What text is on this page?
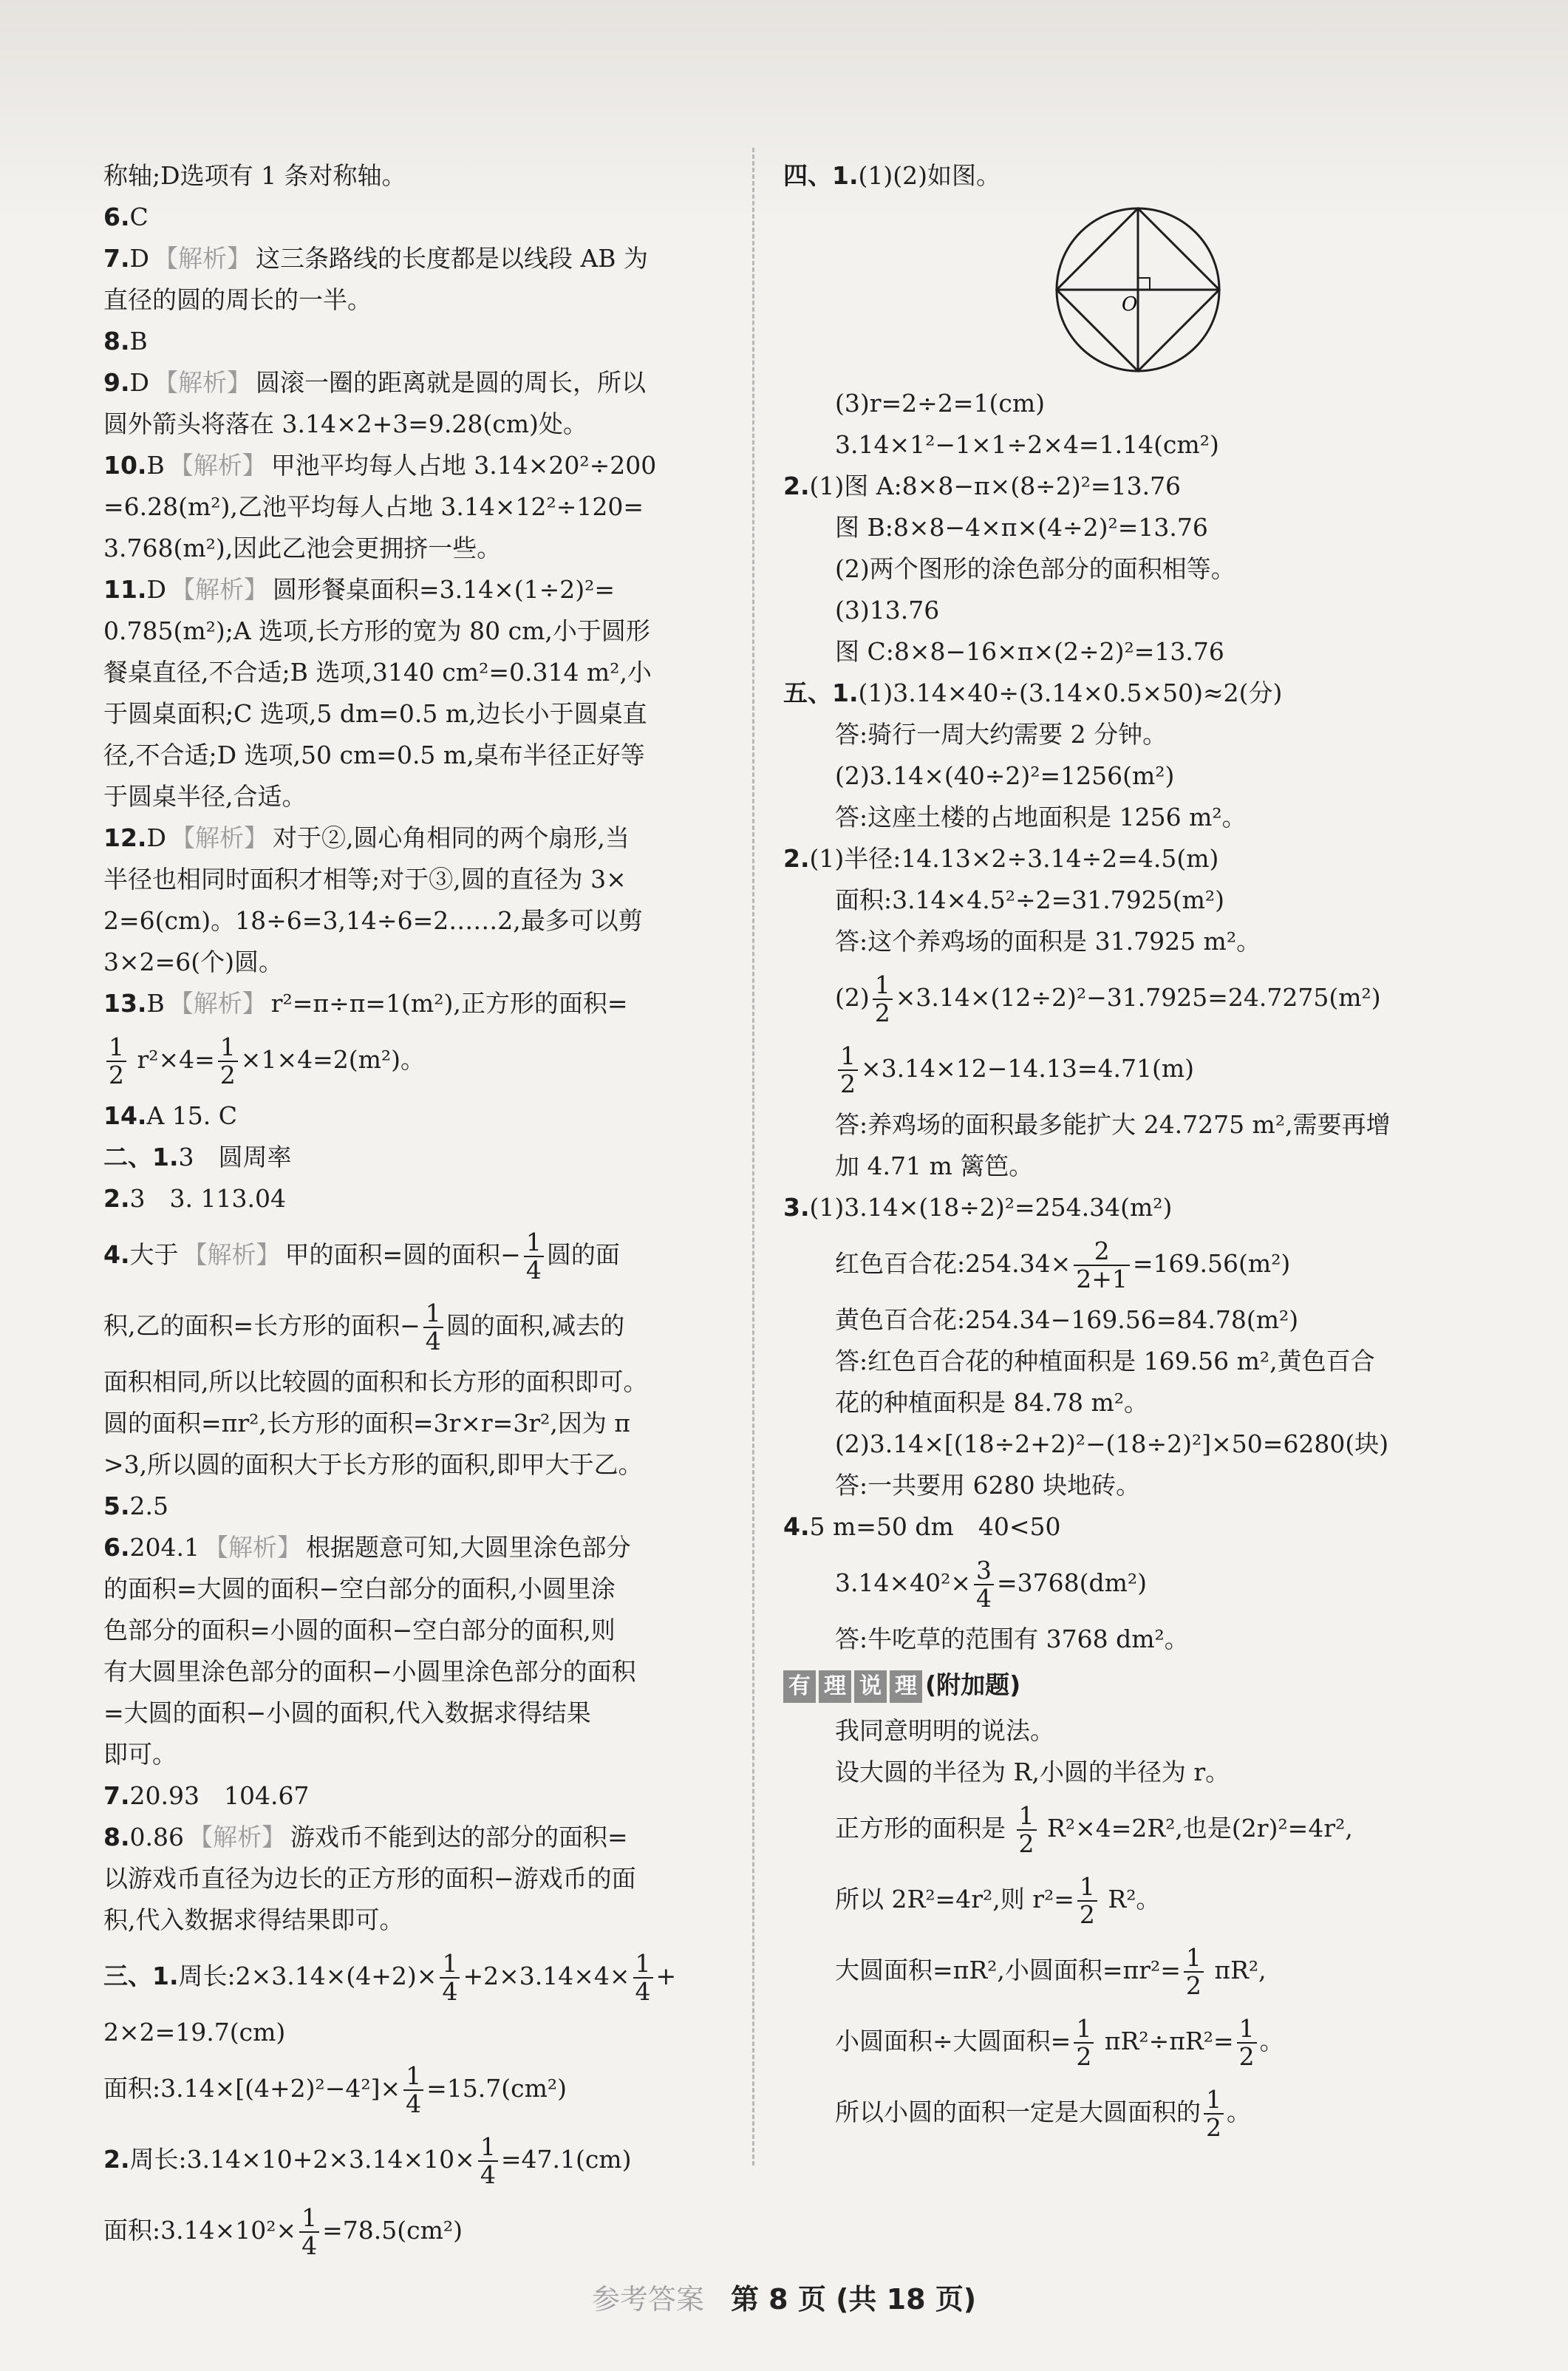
称轴;D选项有 1 条对称轴。
6.C
7.D 【解析】 这三条路线的长度都是以线段 AB 为
直径的圆的周长的一半。
8.B
9.D 【解析】 圆滚一圈的距离就是圆的周长，所以
圆外箭头将落在 3.14×2+3=9.28(cm)处。
10.B 【解析】 甲池平均每人占地 3.14×20²÷200
=6.28(m²),乙池平均每人占地 3.14×12²÷120=
3.768(m²),因此乙池会更拥挤一些。
11.D 【解析】 圆形餐桌面积=3.14×(1÷2)²=
0.785(m²);A 选项,长方形的宽为 80 cm,小于圆形
餐桌直径,不合适;B 选项,3140 cm²=0.314 m²,小
于圆桌面积;C 选项,5 dm=0.5 m,边长小于圆桌直
径,不合适;D 选项,50 cm=0.5 m,桌布半径正好等
于圆桌半径,合适。
12.D 【解析】 对于②,圆心角相同的两个扇形,当
半径也相同时面积才相等;对于③,圆的直径为 3×
2=6(cm)。18÷6=3,14÷6=2……2,最多可以剪
3×2=6(个)圆。
13.B 【解析】 r²=π÷π=1(m²),正方形的面积=
$\frac{1}{2} r^2\times 4= \frac{1}{2} \times 1\times 4=2(m^2)$。
14.A 15. C
二、1.3　圆周率
2.3　3. 113.04
4.大于 【解析】 甲的面积=圆的面积− $\frac{1}{4}$ 圆的面
积,乙的面积=长方形的面积− $\frac{1}{4}$ 圆的面积,减去的
面积相同,所以比较圆的面积和长方形的面积即可。
圆的面积=πr²,长方形的面积=3r×r=3r²,因为 π
>3,所以圆的面积大于长方形的面积,即甲大于乙。
5.2.5
6.204.1 【解析】 根据题意可知,大圆里涂色部分
的面积=大圆的面积−空白部分的面积,小圆里涂
色部分的面积=小圆的面积−空白部分的面积,则
有大圆里涂色部分的面积−小圆里涂色部分的面积
=大圆的面积−小圆的面积,代入数据求得结果
即可。
7.20.93　104.67
8.0.86 【解析】 游戏币不能到达的部分的面积=
以游戏币直径为边长的正方形的面积−游戏币的面
积,代入数据求得结果即可。
三、1.周长:2×3.14×(4+2)× $\frac{1}{4} +2\times 3.14\times 4\times \frac{1}{4}$ +
2×2=19.7(cm)
面积:3.14×[(4+2)²−4²]× $\frac{1}{4} =15.7(cm^2)$
2.周长:3.14×10+2×3.14×10× $\frac{1}{4} =47.1(cm)$
面积:3.14×10²× $\frac{1}{4} =78.5(cm^2)$
四、1.(1)(2)如图。
O
(3)r=2÷2=1(cm)
3.14×1²−1×1÷2×4=1.14(cm²)
2.(1)图 A:8×8−π×(8÷2)²=13.76
图 B:8×8−4×π×(4÷2)²=13.76
(2)两个图形的涂色部分的面积相等。
(3)13.76
图 C:8×8−16×π×(2÷2)²=13.76
五、1.(1)3.14×40÷(3.14×0.5×50)≈2(分)
答:骑行一周大约需要 2 分钟。
(2)3.14×(40÷2)²=1256(m²)
答:这座土楼的占地面积是 1256 m²。
2.(1)半径:14.13×2÷3.14÷2=4.5(m)
面积:3.14×4.5²÷2=31.7925(m²)
答:这个养鸡场的面积是 31.7925 m²。
$(2) \frac{1}{2} \times 3.14\times(12\div 2)^2-31.7925=24.7275(m^2)$
$\frac{1}{2} \times 3.14\times 12-14.13=4.71(m)$
答:养鸡场的面积最多能扩大 24.7275 m²,需要再增
加 4.71 m 篱笆。
3.(1)3.14×(18÷2)²=254.34(m²)
红色百合花:254.34× $\frac{2}{2+1} =169.56(m^2)$
黄色百合花:254.34−169.56=84.78(m²)
答:红色百合花的种植面积是 169.56 m²,黄色百合
花的种植面积是 84.78 m²。
(2)3.14×[(18÷2+2)²−(18÷2)²]×50=6280(块)
答:一共要用 6280 块地砖。
4.5 m=50 dm　40<50
$3.14\times 40^2\times \frac{3}{4} =3768(dm^2)$
答:牛吃草的范围有 3768 dm²。
有 理 说 理 (附加题)
我同意明明的说法。
设大圆的半径为 R,小圆的半径为 r。
正方形的面积是 $\frac{1}{2} R^2\times 4=2R^2$,也是(2r)²=4r²,
所以 2R²=4r²,则 $r^2= \frac{1}{2} R^2$。
大圆面积=πR²,小圆面积$=\pi r^2= \frac{1}{2} \pi R^2$,
小圆面积÷大圆面积= $\frac{1}{2} \pi R^2\div\pi R^2= \frac{1}{2}$ 。
所以小圆的面积一定是大圆面积的 $\frac{1}{2}$ 。
参考答案 第 8 页 (共 18 页)
